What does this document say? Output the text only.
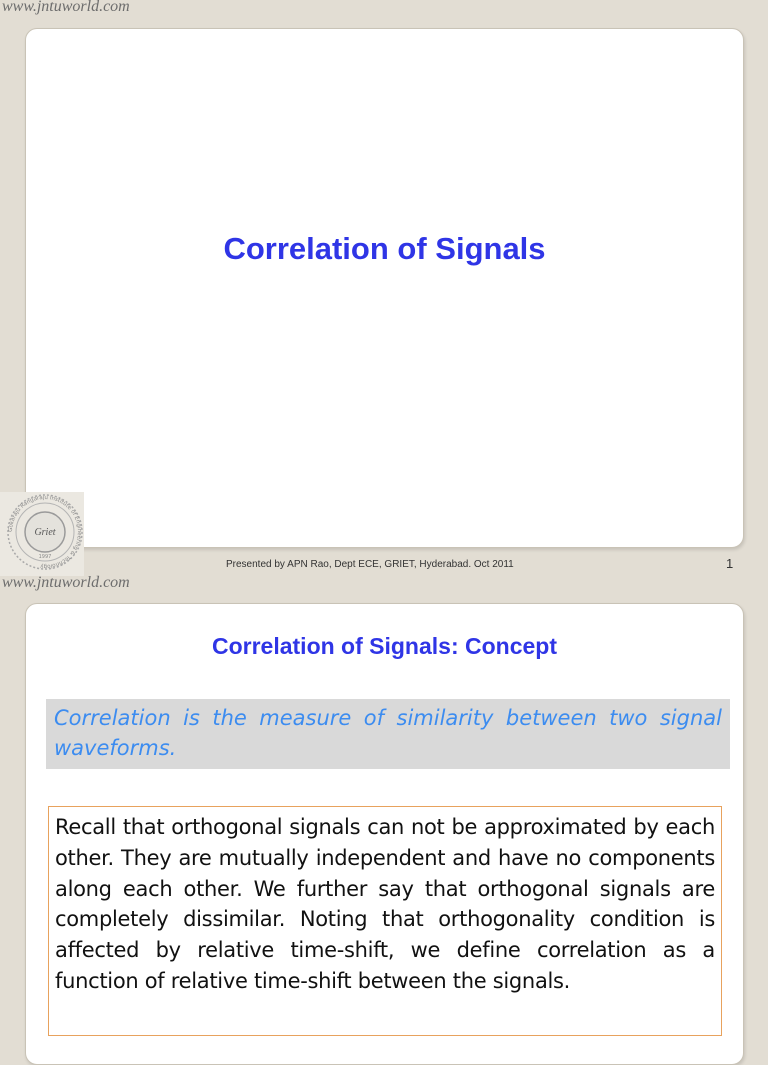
www.jntuworld.com
Correlation of Signals
Gokaraju Rangaraju Institute of Engineering & Technology
Griet
1997
Presented by APN Rao, Dept ECE, GRIET, Hyderabad. Oct 2011	1
www.jntuworld.com
Correlation of Signals: Concept
Correlation is the measure of similarity between two signal waveforms.
Recall that orthogonal signals can not be approximated by each other. They are mutually independent and have no components along each other. We further say that orthogonal signals are completely dissimilar. Noting that orthogonality condition is affected by relative time-shift, we define correlation as a function of relative time-shift between the signals.
